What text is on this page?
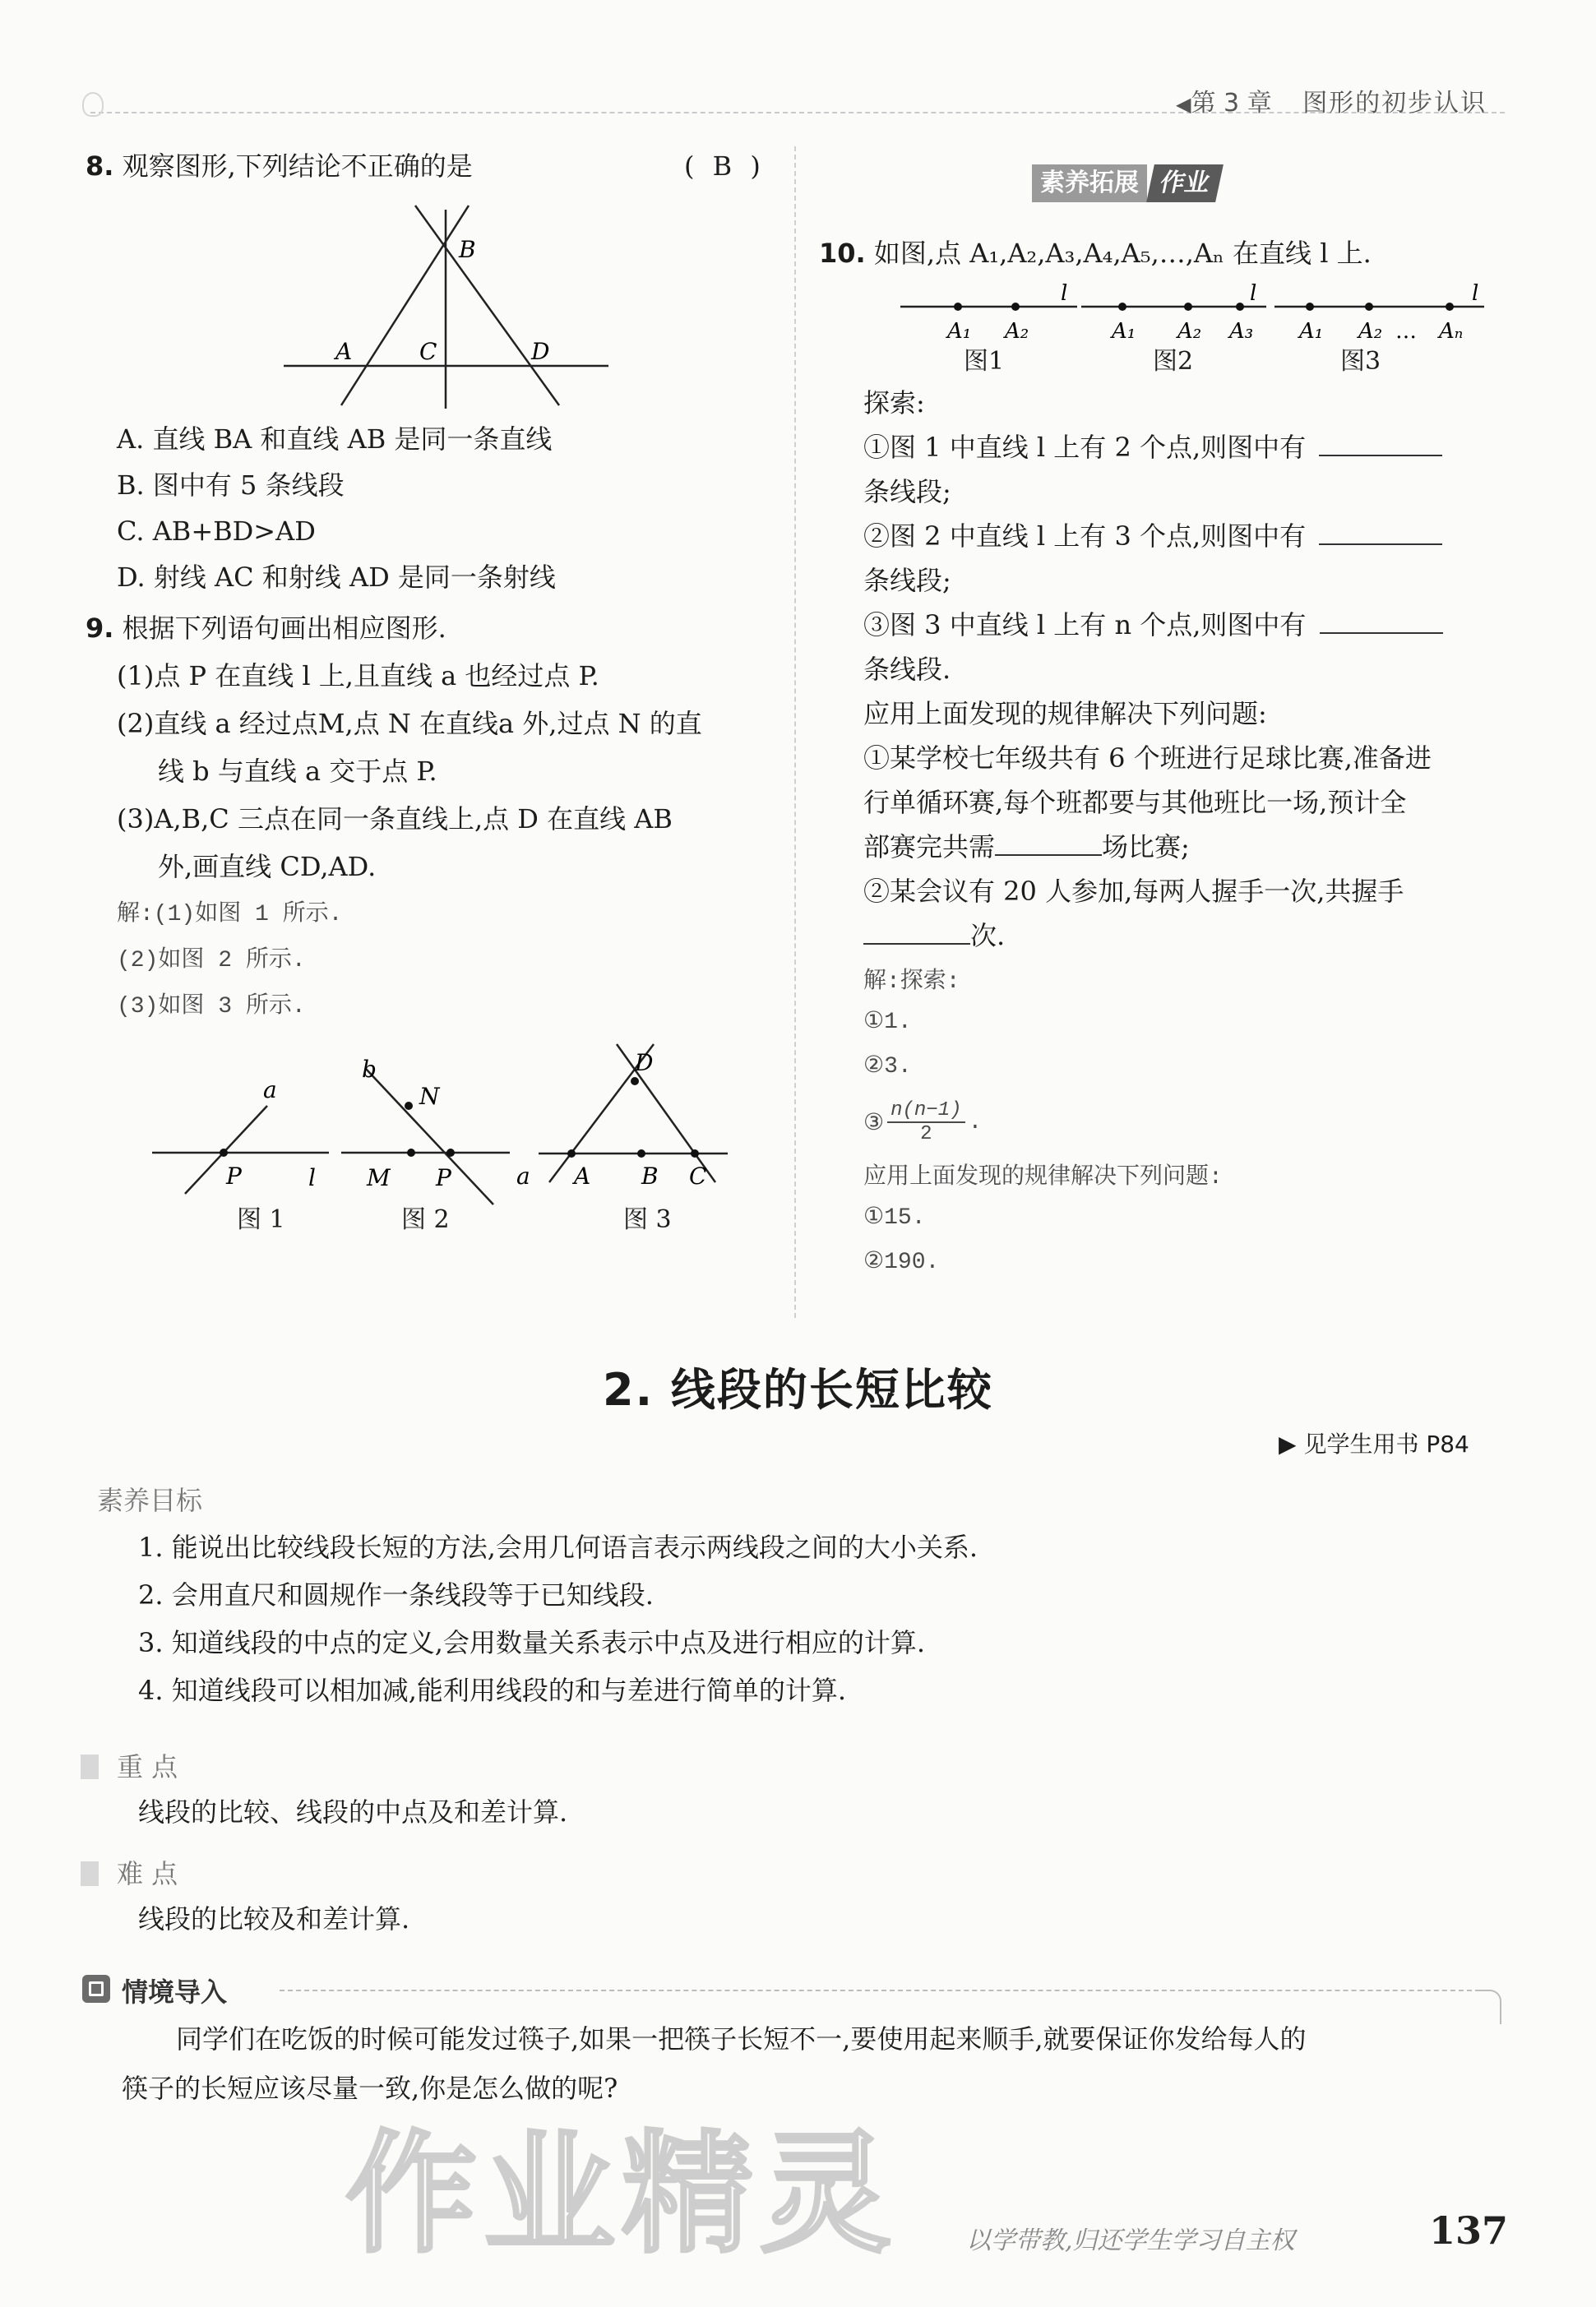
◀第 3 章 图形的初步认识
8. 观察图形,下列结论不正确的是	( B )
A
B
C	D
A. 直线 BA 和直线 AB 是同一条直线
B. 图中有 5 条线段
C. AB+BD>AD
D. 射线 AC 和射线 AD 是同一条射线
9. 根据下列语句画出相应图形.
(1)点 P 在直线 l 上,且直线 a 也经过点 P.
(2)直线 a 经过点M,点 N 在直线a 外,过点 N 的直
线 b 与直线 a 交于点 P.
(3)A,B,C 三点在同一条直线上,点 D 在直线 AB
外,画直线 CD,AD.
解:(1)如图 1 所示.
(2)如图 2 所示.
(3)如图 3 所示.
a
P	l
图 1
b
N
M P	a
图 2
D
A B C
图 3
素养拓展 作业
10. 如图,点 A₁,A₂,A₃,A₄,A₅,…,Aₙ 在直线 l 上.
A₁ A₂
l
图1
A₁ A₂ A₃
l
图2
A₁ A₂ … Aₙ
l
图3
探索:
①图 1 中直线 l 上有 2 个点,则图中有
条线段;
②图 2 中直线 l 上有 3 个点,则图中有
条线段;
③图 3 中直线 l 上有 n 个点,则图中有
条线段.
应用上面发现的规律解决下列问题:
①某学校七年级共有 6 个班进行足球比赛,准备进
行单循环赛,每个班都要与其他班比一场,预计全
部赛完共需	场比赛;
②某会议有 20 人参加,每两人握手一次,共握手
次.
解:探索:
①1.
②3.
③ $\frac{n(n-1)}{2}$ .
应用上面发现的规律解决下列问题:
①15.
②190.
2. 线段的长短比较
▶ 见学生用书 P84
素养目标
1. 能说出比较线段长短的方法,会用几何语言表示两线段之间的大小关系.
2. 会用直尺和圆规作一条线段等于已知线段.
3. 知道线段的中点的定义,会用数量关系表示中点及进行相应的计算.
4. 知道线段可以相加减,能利用线段的和与差进行简单的计算.
重 点
线段的比较、线段的中点及和差计算.
难 点
线段的比较及和差计算.
情境导入
同学们在吃饭的时候可能发过筷子,如果一把筷子长短不一,要使用起来顺手,就要保证你发给每人的
筷子的长短应该尽量一致,你是怎么做的呢?
作业精灵	以学带教,归还学生学习自主权	137
